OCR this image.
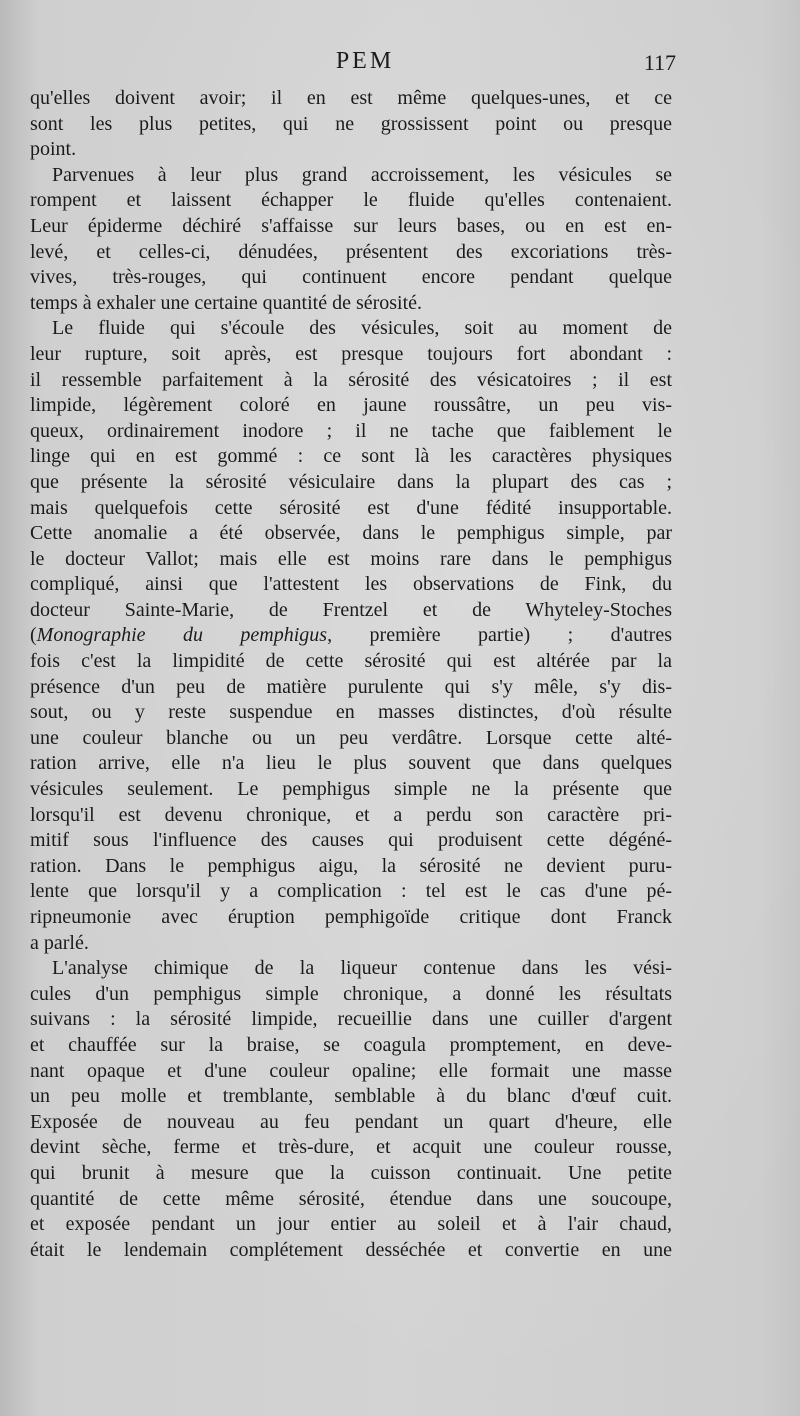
PEM	117
qu'elles doivent avoir; il en est même quelques-unes, et ce
sont les plus petites, qui ne grossissent point ou presque
point.
Parvenues à leur plus grand accroissement, les vésicules se
rompent et laissent échapper le fluide qu'elles contenaient.
Leur épiderme déchiré s'affaisse sur leurs bases, ou en est en-
levé, et celles-ci, dénudées, présentent des excoriations très-
vives, très-rouges, qui continuent encore pendant quelque
temps à exhaler une certaine quantité de sérosité.
Le fluide qui s'écoule des vésicules, soit au moment de
leur rupture, soit après, est presque toujours fort abondant :
il ressemble parfaitement à la sérosité des vésicatoires ; il est
limpide, légèrement coloré en jaune roussâtre, un peu vis-
queux, ordinairement inodore ; il ne tache que faiblement le
linge qui en est gommé : ce sont là les caractères physiques
que présente la sérosité vésiculaire dans la plupart des cas ;
mais quelquefois cette sérosité est d'une fédité insupportable.
Cette anomalie a été observée, dans le pemphigus simple, par
le docteur Vallot; mais elle est moins rare dans le pemphigus
compliqué, ainsi que l'attestent les observations de Fink, du
docteur Sainte-Marie, de Frentzel et de Whyteley-Stoches
(Monographie du pemphigus, première partie) ; d'autres
fois c'est la limpidité de cette sérosité qui est altérée par la
présence d'un peu de matière purulente qui s'y mêle, s'y dis-
sout, ou y reste suspendue en masses distinctes, d'où résulte
une couleur blanche ou un peu verdâtre. Lorsque cette alté-
ration arrive, elle n'a lieu le plus souvent que dans quelques
vésicules seulement. Le pemphigus simple ne la présente que
lorsqu'il est devenu chronique, et a perdu son caractère pri-
mitif sous l'influence des causes qui produisent cette dégéné-
ration. Dans le pemphigus aigu, la sérosité ne devient puru-
lente que lorsqu'il y a complication : tel est le cas d'une pé-
ripneumonie avec éruption pemphigoïde critique dont Franck
a parlé.
L'analyse chimique de la liqueur contenue dans les vési-
cules d'un pemphigus simple chronique, a donné les résultats
suivans : la sérosité limpide, recueillie dans une cuiller d'argent
et chauffée sur la braise, se coagula promptement, en deve-
nant opaque et d'une couleur opaline; elle formait une masse
un peu molle et tremblante, semblable à du blanc d'œuf cuit.
Exposée de nouveau au feu pendant un quart d'heure, elle
devint sèche, ferme et très-dure, et acquit une couleur rousse,
qui brunit à mesure que la cuisson continuait. Une petite
quantité de cette même sérosité, étendue dans une soucoupe,
et exposée pendant un jour entier au soleil et à l'air chaud,
était le lendemain complétement desséchée et convertie en une
